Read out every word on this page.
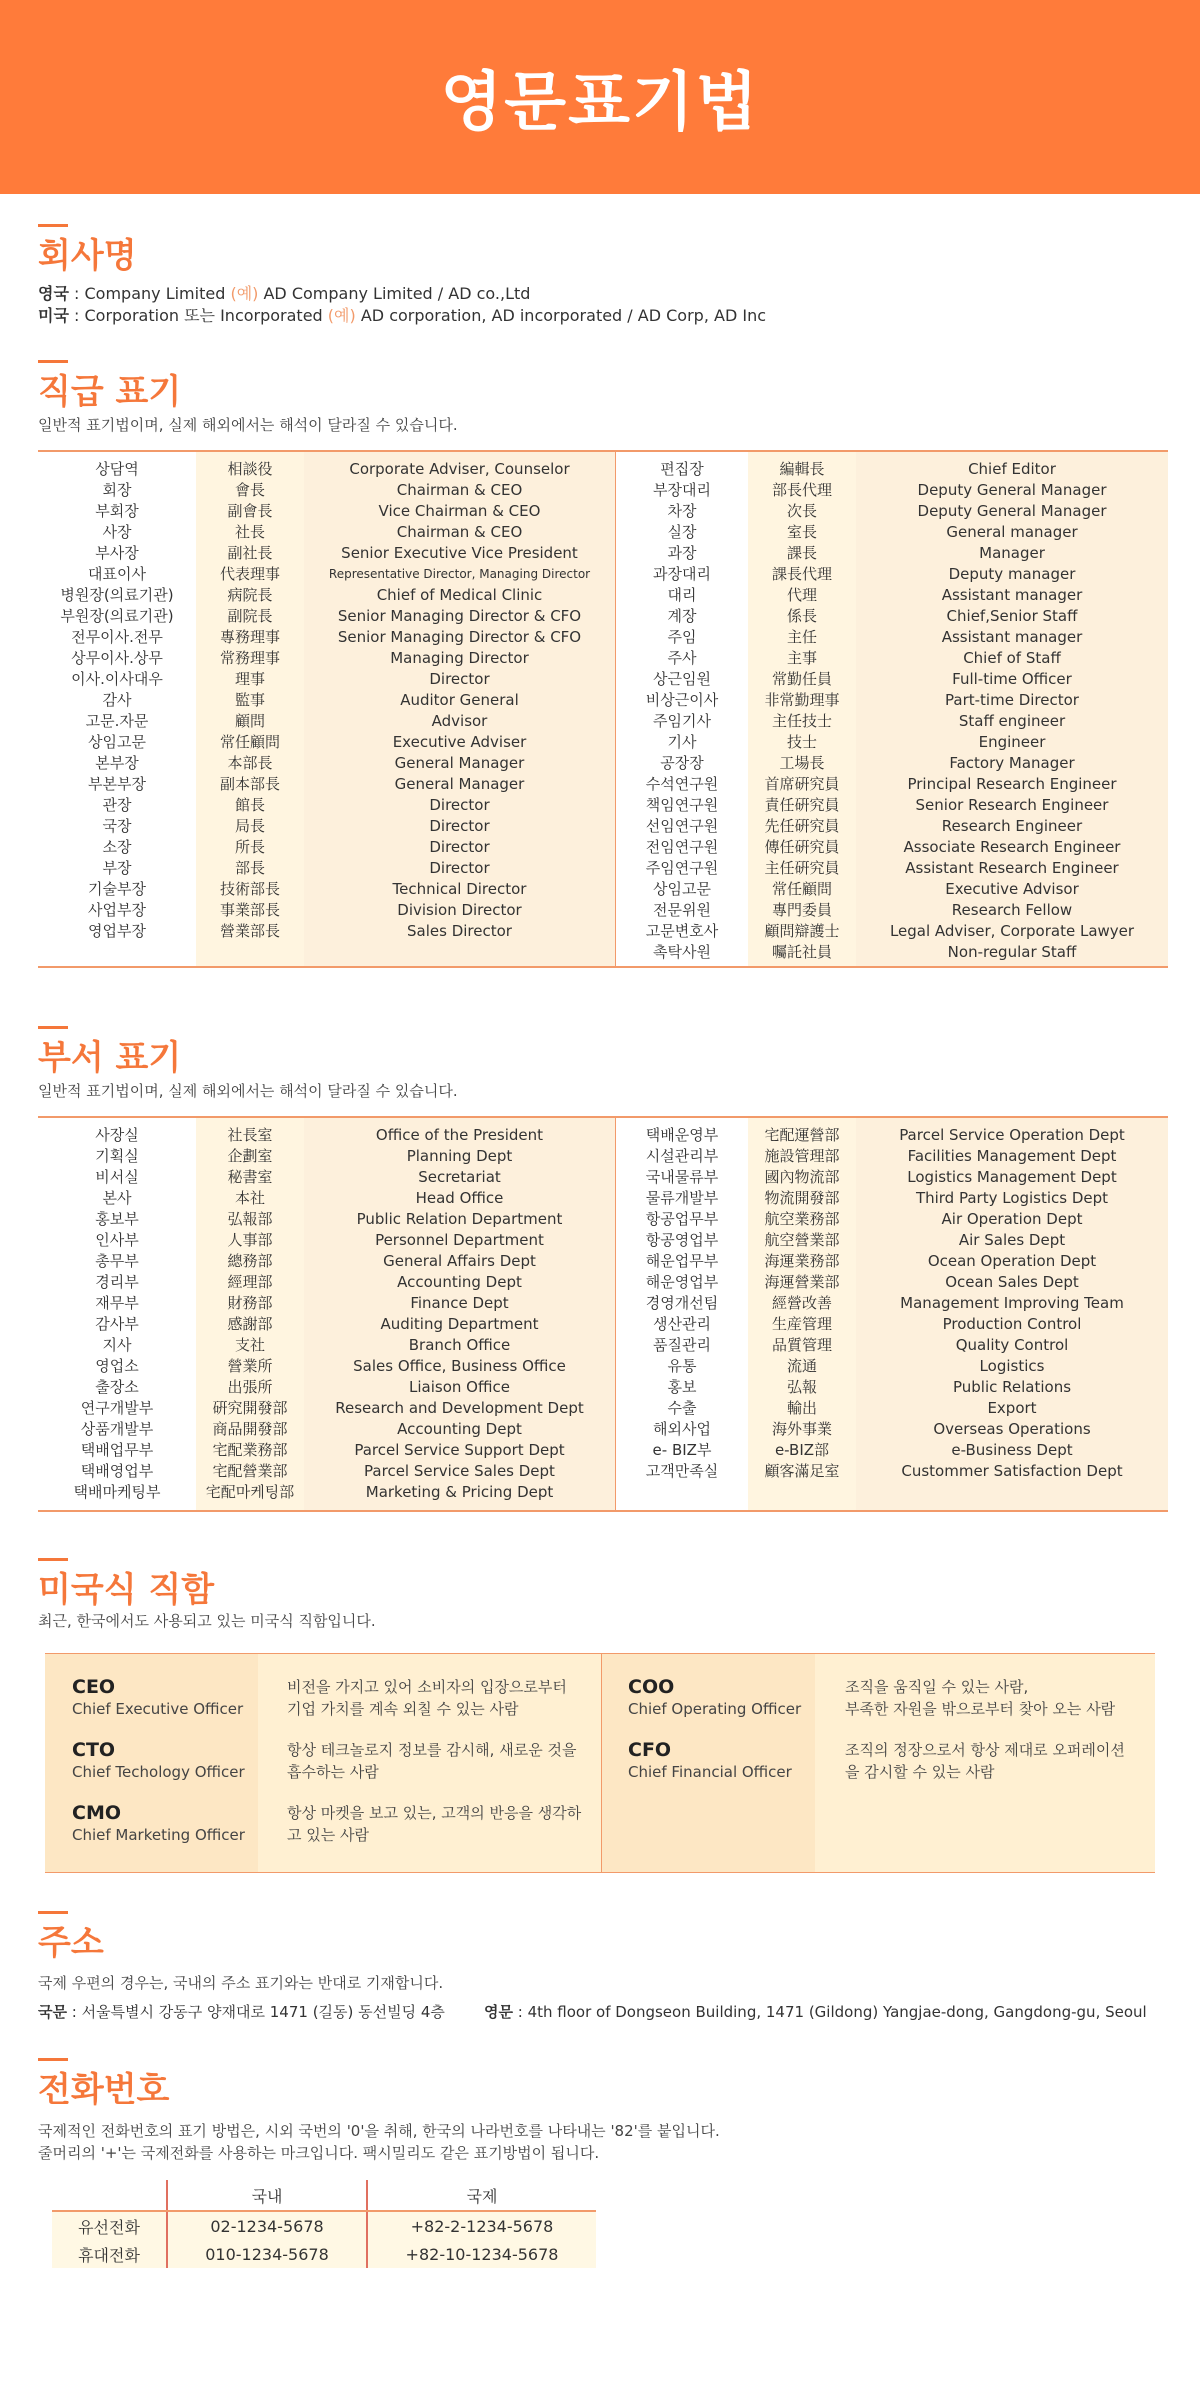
영문표기법
회사명
영국 : Company Limited (예) AD Company Limited / AD co.,Ltd
미국 : Corporation 또는 Incorporated (예) AD corporation, AD incorporated / AD Corp, AD Inc
직급 표기
일반적 표기법이며, 실제 해외에서는 해석이 달라질 수 있습니다.
상담역	相談役	Corporate Adviser, Counselor
회장	會長	Chairman & CEO
부회장	副會長	Vice Chairman & CEO
사장	社長	Chairman & CEO
부사장	副社長	Senior Executive Vice President
대표이사	代表理事	Representative Director, Managing Director
병원장(의료기관)	病院長	Chief of Medical Clinic
부원장(의료기관)	副院長	Senior Managing Director & CFO
전무이사.전무	專務理事	Senior Managing Director & CFO
상무이사.상무	常務理事	Managing Director
이사.이사대우	理事	Director
감사	監事	Auditor General
고문.자문	顧問	Advisor
상임고문	常任顧問	Executive Adviser
본부장	本部長	General Manager
부본부장	副本部長	General Manager
관장	館長	Director
국장	局長	Director
소장	所長	Director
부장	部長	Director
기술부장	技術部長	Technical Director
사업부장	事業部長	Division Director
영업부장	營業部長	Sales Director
편집장	編輯長	Chief Editor
부장대리	部長代理	Deputy General Manager
차장	次長	Deputy General Manager
실장	室長	General manager
과장	課長	Manager
과장대리	課長代理	Deputy manager
대리	代理	Assistant manager
계장	係長	Chief,Senior Staff
주임	主任	Assistant manager
주사	主事	Chief of Staff
상근임원	常勤任員	Full-time Officer
비상근이사	非常勤理事	Part-time Director
주임기사	主任技士	Staff engineer
기사	技士	Engineer
공장장	工場長	Factory Manager
수석연구원	首席硏究員	Principal Research Engineer
책임연구원	責任硏究員	Senior Research Engineer
선임연구원	先任硏究員	Research Engineer
전임연구원	傳任硏究員	Associate Research Engineer
주임연구원	主任硏究員	Assistant Research Engineer
상임고문	常任顧問	Executive Advisor
전문위원	專門委員	Research Fellow
고문변호사	顧問辯護士	Legal Adviser, Corporate Lawyer
촉탁사원	囑託社員	Non-regular Staff
부서 표기
일반적 표기법이며, 실제 해외에서는 해석이 달라질 수 있습니다.
사장실	社長室	Office of the President
기획실	企劃室	Planning Dept
비서실	秘書室	Secretariat
본사	本社	Head Office
홍보부	弘報部	Public Relation Department
인사부	人事部	Personnel Department
총무부	總務部	General Affairs Dept
경리부	經理部	Accounting Dept
재무부	財務部	Finance Dept
감사부	感謝部	Auditing Department
지사	支社	Branch Office
영업소	營業所	Sales Office, Business Office
출장소	出張所	Liaison Office
연구개발부	硏究開發部	Research and Development Dept
상품개발부	商品開發部	Accounting Dept
택배업무부	宅配業務部	Parcel Service Support Dept
택배영업부	宅配營業部	Parcel Service Sales Dept
택배마케팅부	宅配마케팅部	Marketing & Pricing Dept
택배운영부	宅配運營部	Parcel Service Operation Dept
시설관리부	施設管理部	Facilities Management Dept
국내물류부	國內物流部	Logistics Management Dept
물류개발부	物流開發部	Third Party Logistics Dept
항공업무부	航空業務部	Air Operation Dept
항공영업부	航空營業部	Air Sales Dept
해운업무부	海運業務部	Ocean Operation Dept
해운영업부	海運營業部	Ocean Sales Dept
경영개선팀	經營改善	Management Improving Team
생산관리	生産管理	Production Control
품질관리	品質管理	Quality Control
유통	流通	Logistics
홍보	弘報	Public Relations
수출	輸出	Export
해외사업	海外事業	Overseas Operations
e- BIZ부	e-BIZ部	e-Business Dept
고객만족실	顧客滿足室	Custommer Satisfaction Dept
미국식 직함
최근, 한국에서도 사용되고 있는 미국식 직함입니다.
CEO
Chief Executive Officer
비전을 가지고 있어 소비자의 입장으로부터
기업 가치를 계속 외칠 수 있는 사람
CTO
Chief Techology Officer
항상 테크놀로지 정보를 감시해, 새로운 것을
흡수하는 사람
CMO
Chief Marketing Officer
항상 마켓을 보고 있는, 고객의 반응을 생각하
고 있는 사람
COO
Chief Operating Officer
조직을 움직일 수 있는 사람,
부족한 자원을 밖으로부터 찾아 오는 사람
CFO
Chief Financial Officer
조직의 정장으로서 항상 제대로 오퍼레이션
을 감시할 수 있는 사람
주소
국제 우편의 경우는, 국내의 주소 표기와는 반대로 기재합니다.
국문 : 서울특별시 강동구 양재대로 1471 (길동) 동선빌딩 4층	영문 : 4th floor of Dongseon Building, 1471 (Gildong) Yangjae-dong, Gangdong-gu, Seoul
전화번호
국제적인 전화번호의 표기 방법은, 시외 국번의 '0'을 취해, 한국의 나라번호를 나타내는 '82'를 붙입니다.
줄머리의 '+'는 국제전화를 사용하는 마크입니다. 팩시밀리도 같은 표기방법이 됩니다.
	국내	국제
유선전화	02-1234-5678	+82-2-1234-5678
휴대전화	010-1234-5678	+82-10-1234-5678
